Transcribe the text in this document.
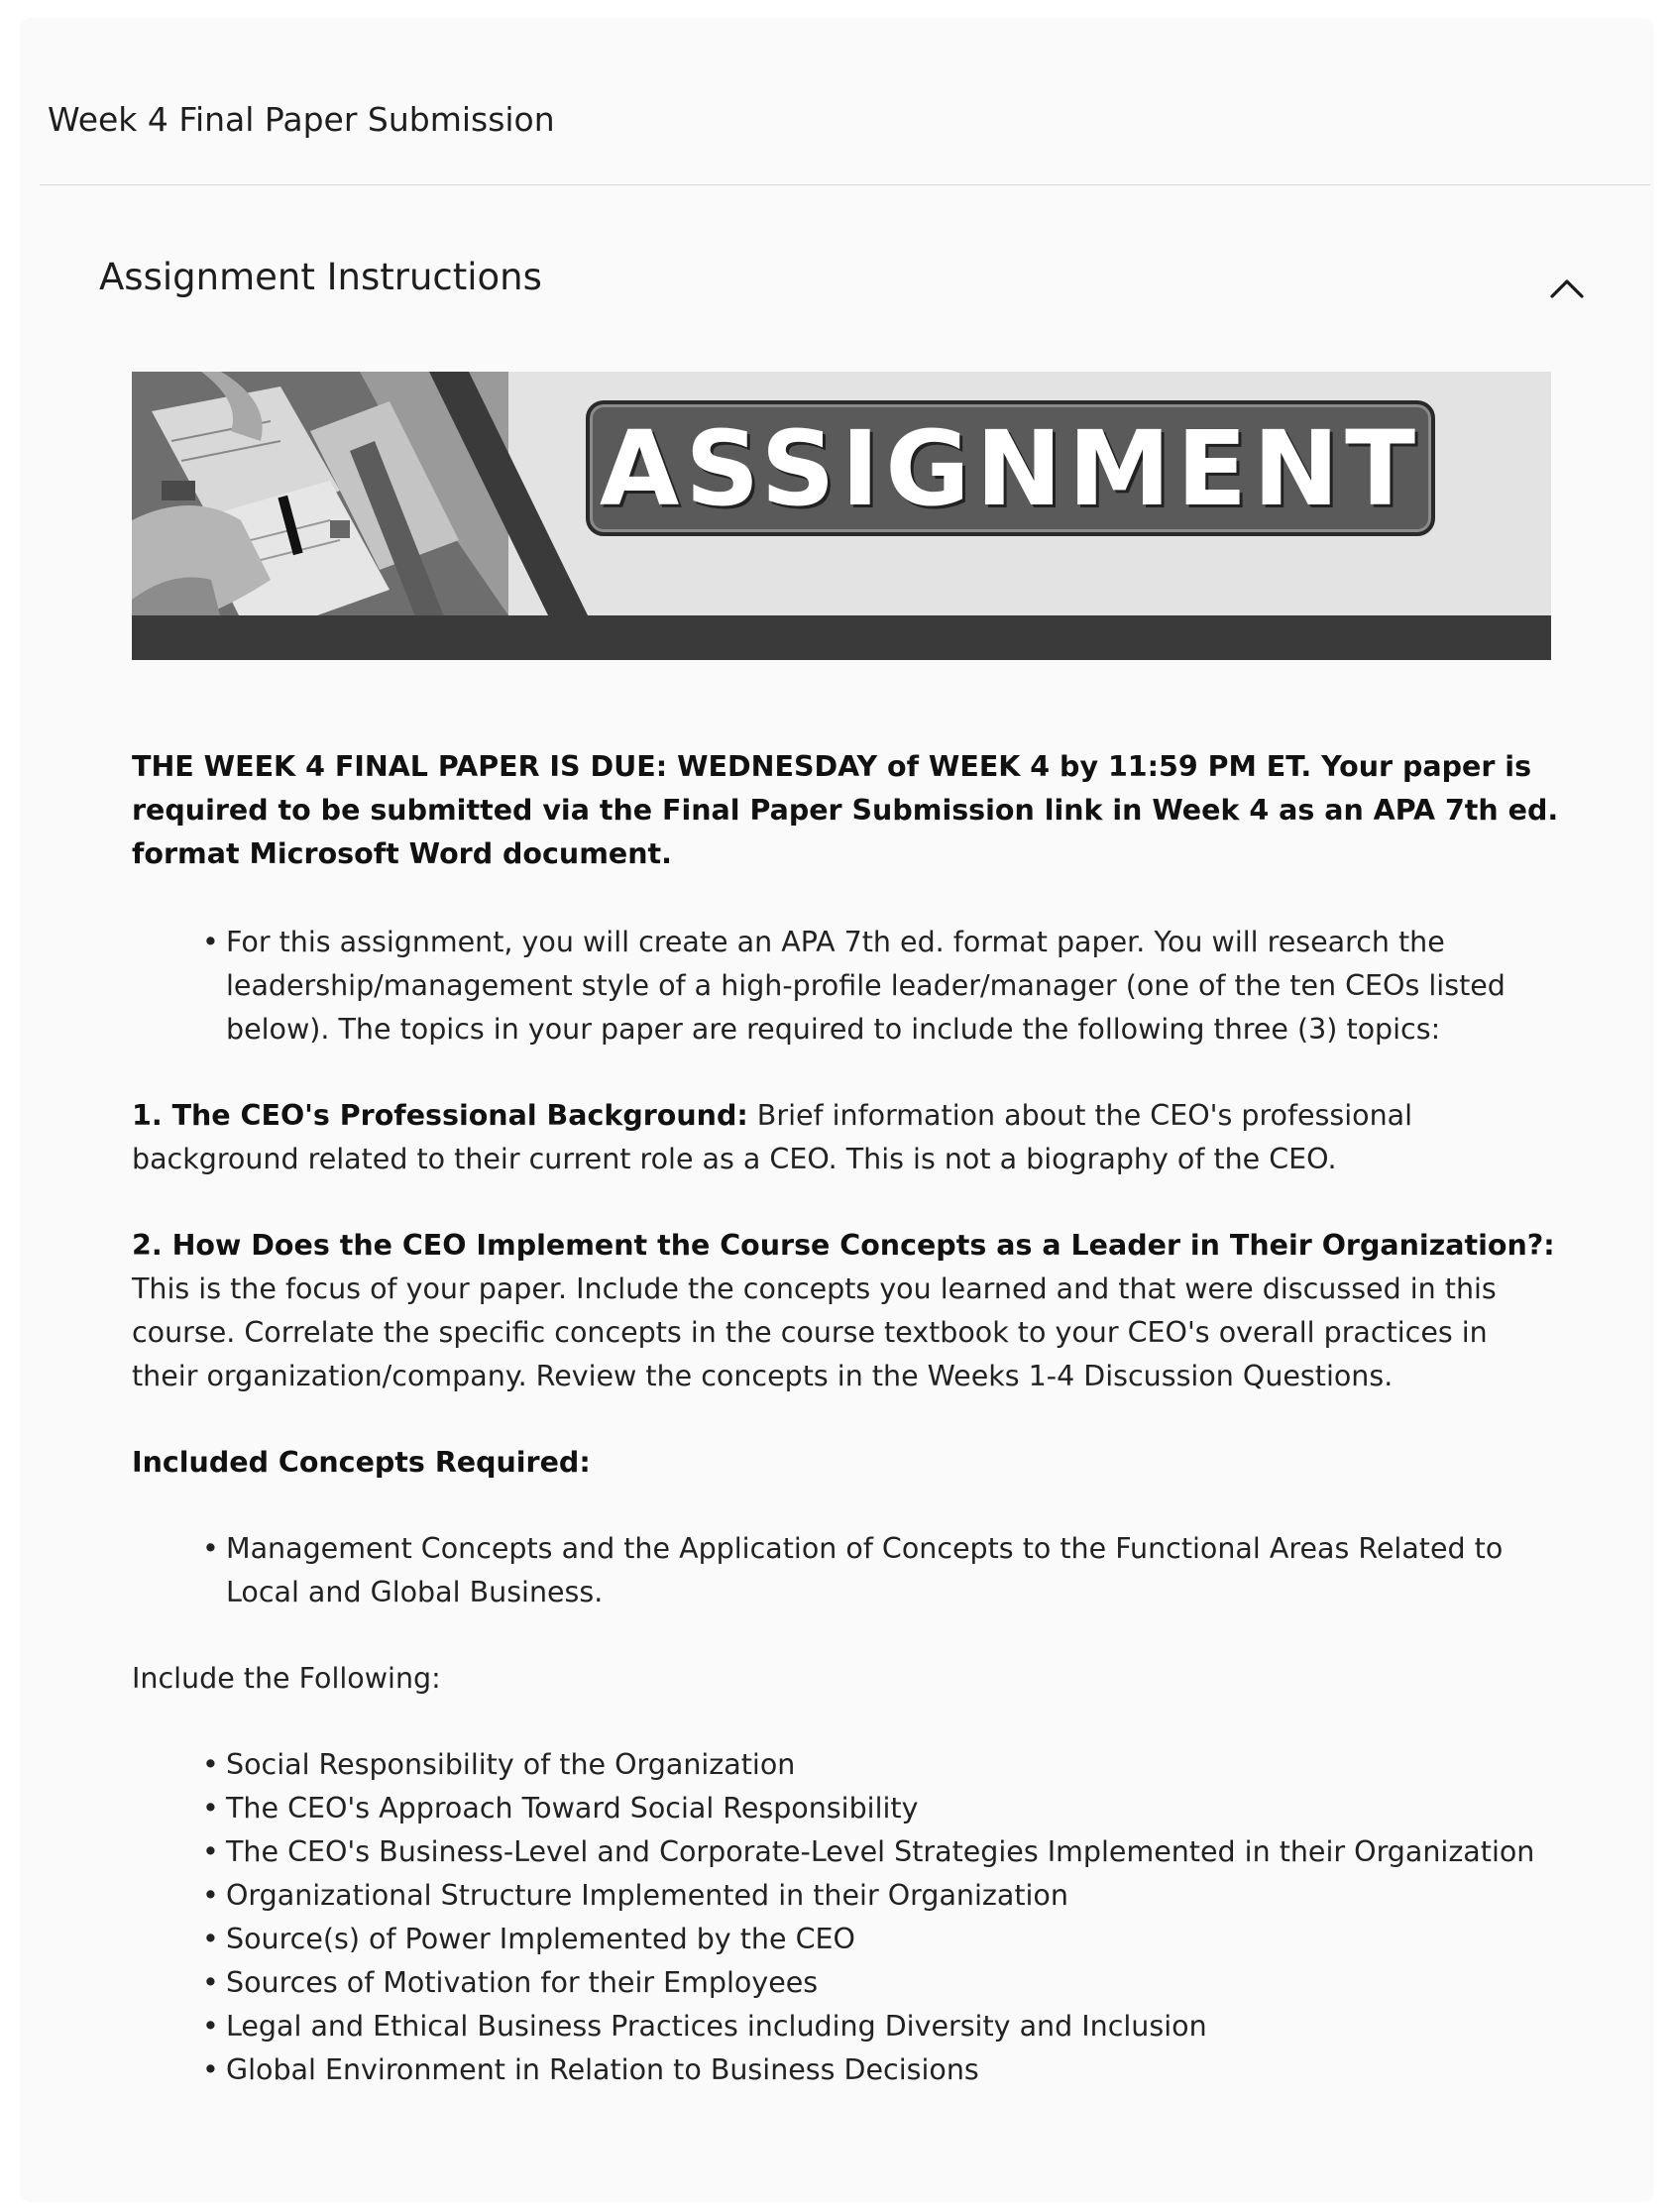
Week 4 Final Paper Submission
Assignment Instructions
ASSIGNMENT

THE WEEK 4 FINAL PAPER IS DUE: WEDNESDAY of WEEK 4 by 11:59 PM ET. Your paper is required to be submitted via the Final Paper Submission link in Week 4 as an APA 7th ed. format Microsoft Word document.

• For this assignment, you will create an APA 7th ed. format paper. You will research the leadership/management style of a high-profile leader/manager (one of the ten CEOs listed below). The topics in your paper are required to include the following three (3) topics:

1. The CEO's Professional Background: Brief information about the CEO's professional background related to their current role as a CEO. This is not a biography of the CEO.

2. How Does the CEO Implement the Course Concepts as a Leader in Their Organization?: This is the focus of your paper. Include the concepts you learned and that were discussed in this course. Correlate the specific concepts in the course textbook to your CEO's overall practices in their organization/company. Review the concepts in the Weeks 1-4 Discussion Questions.

Included Concepts Required:

• Management Concepts and the Application of Concepts to the Functional Areas Related to Local and Global Business.

Include the Following:

• Social Responsibility of the Organization
• The CEO's Approach Toward Social Responsibility
• The CEO's Business-Level and Corporate-Level Strategies Implemented in their Organization
• Organizational Structure Implemented in their Organization
• Source(s) of Power Implemented by the CEO
• Sources of Motivation for their Employees
• Legal and Ethical Business Practices including Diversity and Inclusion
• Global Environment in Relation to Business Decisions
